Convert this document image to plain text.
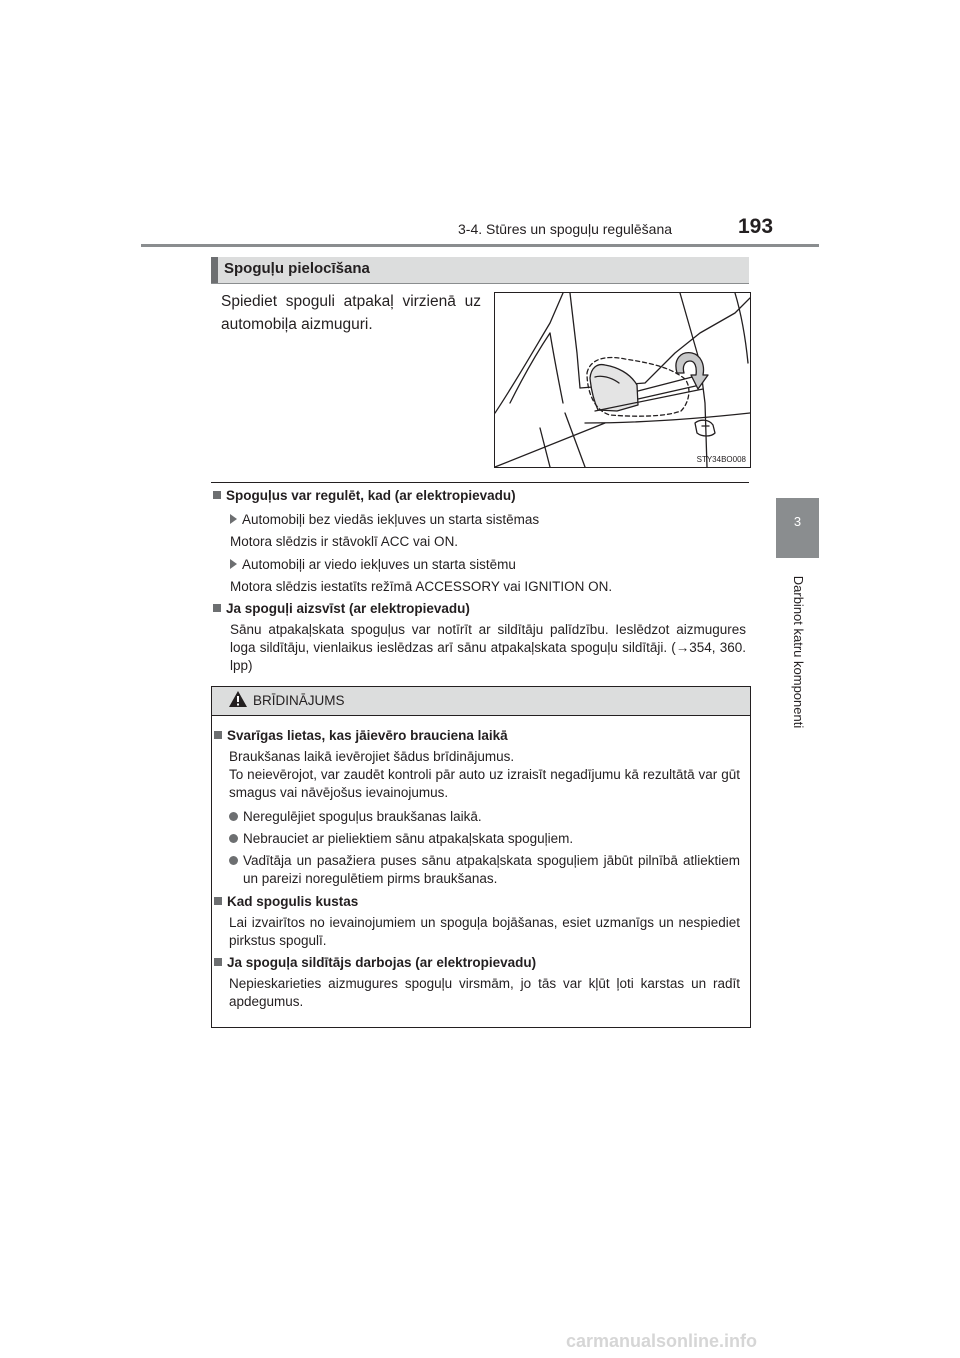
3-4. Stūres un spoguļu regulēšana	193
3
Darbinot katru komponenti
Spoguļu pielocīšana
Spiediet spoguli atpakaļ virzienā uz automobiļa aizmuguri.
STY34BO008
Spoguļus var regulēt, kad (ar elektropievadu)
Automobiļi bez viedās iekļuves un starta sistēmas
Motora slēdzis ir stāvoklī ACC vai ON.
Automobiļi ar viedo iekļuves un starta sistēmu
Motora slēdzis iestatīts režīmā ACCESSORY vai IGNITION ON.
Ja spoguļi aizsvīst (ar elektropievadu)
Sānu atpakaļskata spoguļus var notīrīt ar sildītāju palīdzību. Ieslēdzot aizmugures loga sildītāju, vienlaikus ieslēdzas arī sānu atpakaļskata spoguļu sildītāji. (→354, 360. lpp)
BRĪDINĀJUMS
Svarīgas lietas, kas jāievēro brauciena laikā
Braukšanas laikā ievērojiet šādus brīdinājumus.
To neievērojot, var zaudēt kontroli pār auto uz izraisīt negadījumu kā rezultātā var gūt smagus vai nāvējošus ievainojumus.
Neregulējiet spoguļus braukšanas laikā.
Nebrauciet ar pieliektiem sānu atpakaļskata spoguļiem.
Vadītāja un pasažiera puses sānu atpakaļskata spoguļiem jābūt pilnībā atliektiem un pareizi noregulētiem pirms braukšanas.
Kad spogulis kustas
Lai izvairītos no ievainojumiem un spoguļa bojāšanas, esiet uzmanīgs un nespiediet pirkstus spogulī.
Ja spoguļa sildītājs darbojas (ar elektropievadu)
Nepieskarieties aizmugures spoguļu virsmām, jo tās var kļūt ļoti karstas un radīt apdegumus.
carmanualsonline.info
